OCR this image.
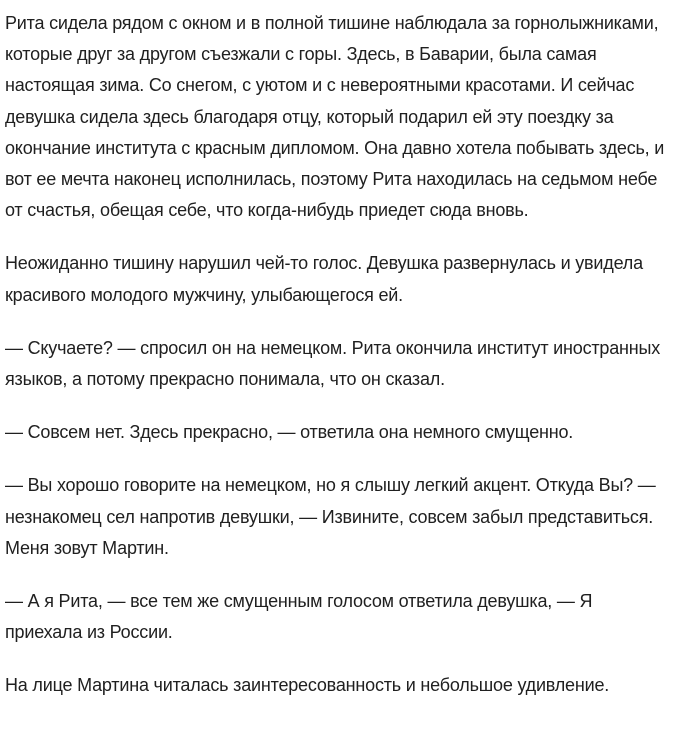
Рита сидела рядом с окном и в полной тишине наблюдала за горнолыжниками, которые друг за другом съезжали с горы. Здесь, в Баварии, была самая настоящая зима. Со снегом, с уютом и с невероятными красотами. И сейчас девушка сидела здесь благодаря отцу, который подарил ей эту поездку за окончание института с красным дипломом. Она давно хотела побывать здесь, и вот ее мечта наконец исполнилась, поэтому Рита находилась на седьмом небе от счастья, обещая себе, что когда-нибудь приедет сюда вновь.

Неожиданно тишину нарушил чей-то голос. Девушка развернулась и увидела красивого молодого мужчину, улыбающегося ей.

— Скучаете? — спросил он на немецком. Рита окончила институт иностранных языков, а потому прекрасно понимала, что он сказал.

— Совсем нет. Здесь прекрасно, — ответила она немного смущенно.

— Вы хорошо говорите на немецком, но я слышу легкий акцент. Откуда Вы? — незнакомец сел напротив девушки, — Извините, совсем забыл представиться. Меня зовут Мартин.

— А я Рита, — все тем же смущенным голосом ответила девушка, — Я приехала из России.

На лице Мартина читалась заинтересованность и небольшое удивление.
